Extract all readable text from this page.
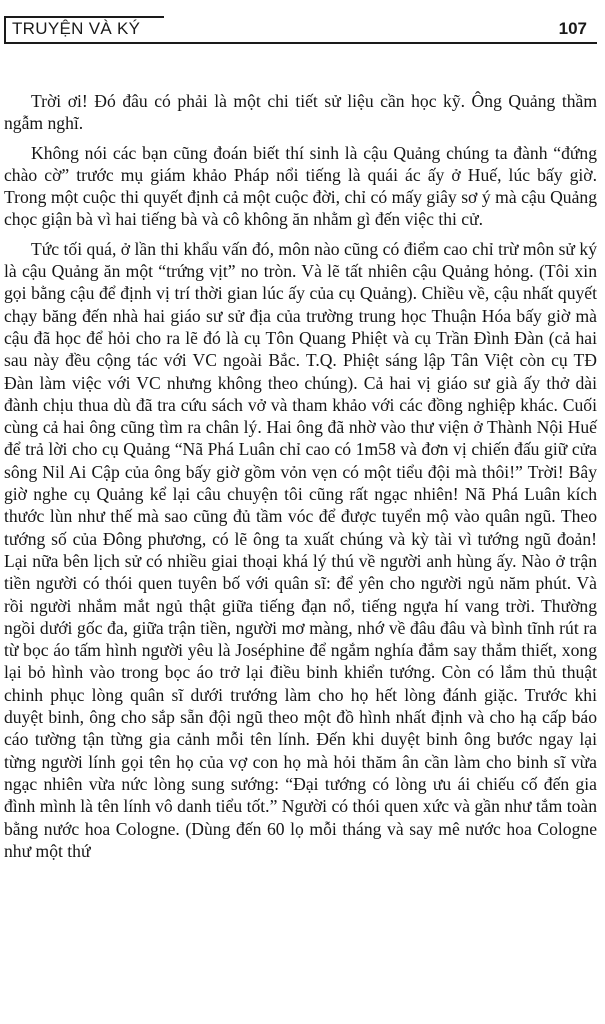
TRUYỆN VÀ KÝ	107

Trời ơi! Đó đâu có phải là một chi tiết sử liệu cần học kỹ. Ông Quảng thầm ngẫm nghĩ.

Không nói các bạn cũng đoán biết thí sinh là cậu Quảng chúng ta đành “đứng chào cờ” trước mụ giám khảo Pháp nổi tiếng là quái ác ấy ở Huế, lúc bấy giờ. Trong một cuộc thi quyết định cả một cuộc đời, chỉ có mấy giây sơ ý mà cậu Quảng chọc giận bà vì hai tiếng bà và cô không ăn nhằm gì đến việc thi cử.

Tức tối quá, ở lần thi khẩu vấn đó, môn nào cũng có điểm cao chỉ trừ môn sử ký là cậu Quảng ăn một “trứng vịt” no tròn. Và lẽ tất nhiên cậu Quảng hỏng. (Tôi xin gọi bằng cậu để định vị trí thời gian lúc ấy của cụ Quảng). Chiều về, cậu nhất quyết chạy băng đến nhà hai giáo sư sử địa của trường trung học Thuận Hóa bấy giờ mà cậu đã học để hỏi cho ra lẽ đó là cụ Tôn Quang Phiệt và cụ Trần Đình Đàn (cả hai sau này đều cộng tác với VC ngoài Bắc. T.Q. Phiệt sáng lập Tân Việt còn cụ TĐ Đàn làm việc với VC nhưng không theo chúng). Cả hai vị giáo sư già ấy thở dài đành chịu thua dù đã tra cứu sách vở và tham khảo với các đồng nghiệp khác. Cuối cùng cả hai ông cũng tìm ra chân lý. Hai ông đã nhờ vào thư viện ở Thành Nội Huế để trả lời cho cụ Quảng “Nã Phá Luân chỉ cao có 1m58 và đơn vị chiến đấu giữ cửa sông Nil Ai Cập của ông bấy giờ gồm vỏn vẹn có một tiểu đội mà thôi!” Trời! Bây giờ nghe cụ Quảng kể lại câu chuyện tôi cũng rất ngạc nhiên! Nã Phá Luân kích thước lùn như thế mà sao cũng đủ tầm vóc để được tuyển mộ vào quân ngũ. Theo tướng số của Đông phương, có lẽ ông ta xuất chúng và kỳ tài vì tướng ngũ đoản! Lại nữa bên lịch sử có nhiều giai thoại khá lý thú về người anh hùng ấy. Nào ở trận tiền người có thói quen tuyên bố với quân sĩ: để yên cho người ngủ năm phút. Và rồi người nhắm mắt ngủ thật giữa tiếng đạn nổ, tiếng ngựa hí vang trời. Thường ngồi dưới gốc đa, giữa trận tiền, người mơ màng, nhớ về đâu đâu và bình tĩnh rút ra từ bọc áo tấm hình người yêu là Joséphine để ngắm nghía đắm say thắm thiết, xong lại bỏ hình vào trong bọc áo trở lại điều binh khiển tướng. Còn có lắm thủ thuật chinh phục lòng quân sĩ dưới trướng làm cho họ hết lòng đánh giặc. Trước khi duyệt binh, ông cho sắp sẵn đội ngũ theo một đồ hình nhất định và cho hạ cấp báo cáo tường tận từng gia cảnh mỗi tên lính. Đến khi duyệt binh ông bước ngay lại từng người lính gọi tên họ của vợ con họ mà hỏi thăm ân cần làm cho binh sĩ vừa ngạc nhiên vừa nức lòng sung sướng: “Đại tướng có lòng ưu ái chiếu cố đến gia đình mình là tên lính vô danh tiểu tốt.” Người có thói quen xức và gần như tắm toàn bằng nước hoa Cologne. (Dùng đến 60 lọ mỗi tháng và say mê nước hoa Cologne như một thứ
